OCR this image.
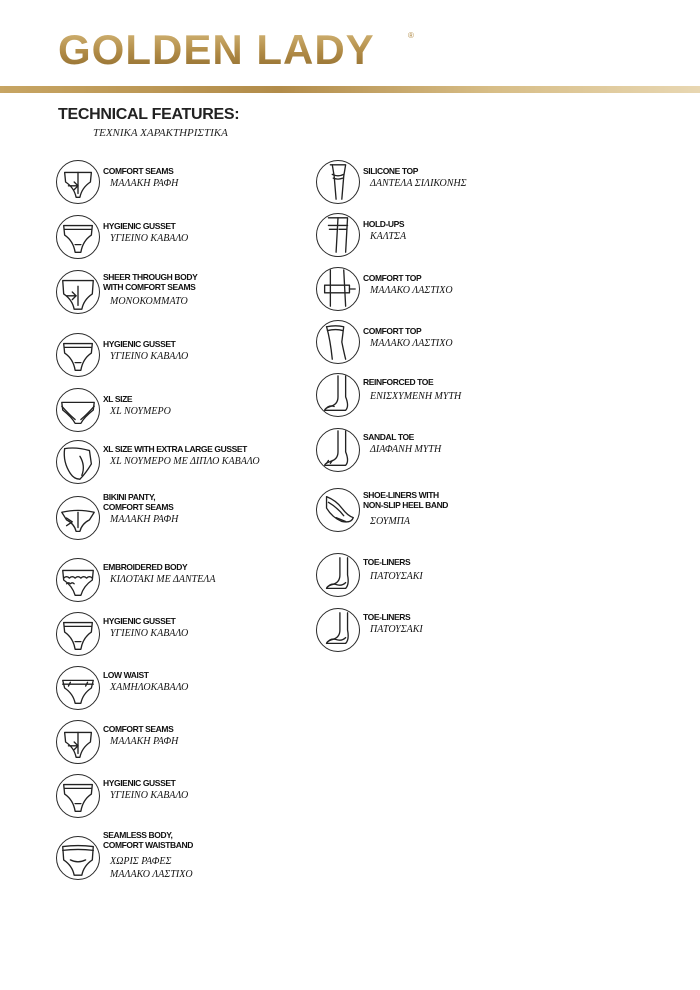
GOLDEN LADY	®
TECHNICAL FEATURES:
ΤΕΧΝΙΚΑ ΧΑΡΑΚΤΗΡΙΣΤΙΚΑ
COMFORT SEAMS
ΜΑΛΑΚΗ ΡΑΦΗ
HYGIENIC GUSSET
ΥΓΙΕΙΝΟ ΚΑΒΑΛΟ
SHEER THROUGH BODY
WITH COMFORT SEAMS
ΜΟΝΟΚΟΜΜΑΤΟ
HYGIENIC GUSSET
ΥΓΙΕΙΝΟ ΚΑΒΑΛΟ
XL SIZE
XL ΝΟΥΜΕΡΟ
XL SIZE WITH EXTRA LARGE GUSSET
XL ΝΟΥΜΕΡΟ ΜΕ ΔΙΠΛΟ ΚΑΒΑΛΟ
BIKINI PANTY,
COMFORT SEAMS
ΜΑΛΑΚΗ ΡΑΦΗ
EMBROIDERED BODY
ΚΙΛΟΤΑΚΙ ΜΕ ΔΑΝΤΕΛΑ
HYGIENIC GUSSET
ΥΓΙΕΙΝΟ ΚΑΒΑΛΟ
LOW WAIST
ΧΑΜΗΛΟΚΑΒΑΛΟ
COMFORT SEAMS
ΜΑΛΑΚΗ ΡΑΦΗ
HYGIENIC GUSSET
ΥΓΙΕΙΝΟ ΚΑΒΑΛΟ
SEAMLESS BODY,
COMFORT WAISTBAND
ΧΩΡΙΣ ΡΑΦΕΣ
ΜΑΛΑΚΟ ΛΑΣΤΙΧΟ
SILICONE TOP
ΔΑΝΤΕΛΑ ΣΙΛΙΚΟΝΗΣ
HOLD-UPS
ΚΑΛΤΣΑ
COMFORT TOP
ΜΑΛΑΚΟ ΛΑΣΤΙΧΟ
COMFORT TOP
ΜΑΛΑΚΟ ΛΑΣΤΙΧΟ
REINFORCED TOE
ΕΝΙΣΧΥΜΕΝΗ ΜΥΤΗ
SANDAL TOE
ΔΙΑΦΑΝΗ ΜΥΤΗ
SHOE-LINERS WITH
NON-SLIP HEEL BAND
ΣΟΥΜΠΑ
TOE-LINERS
ΠΑΤΟΥΣΑΚΙ
TOE-LINERS
ΠΑΤΟΥΣΑΚΙ
